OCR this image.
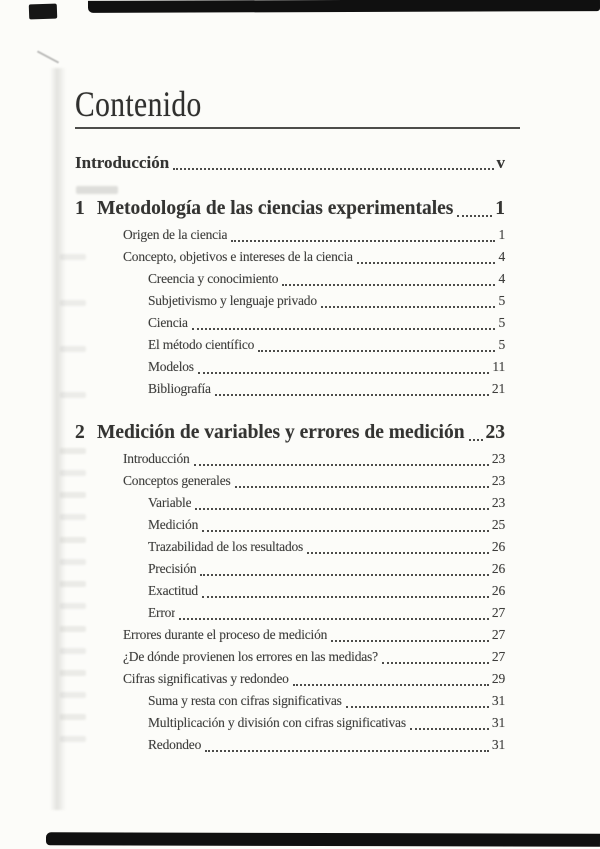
Contenido
Introducción	v
1 Metodología de las ciencias experimentales 1
Origen de la ciencia	1
Concepto, objetivos e intereses de la ciencia	4
Creencia y conocimiento	4
Subjetivismo y lenguaje privado	5
Ciencia	5
El método científico	5
Modelos	11
Bibliografía	21
2 Medición de variables y errores de medición 23
Introducción	23
Conceptos generales	23
Variable	23
Medición	25
Trazabilidad de los resultados	26
Precisión	26
Exactitud	26
Error	27
Errores durante el proceso de medición	27
¿De dónde provienen los errores en las medidas?	27
Cifras significativas y redondeo	29
Suma y resta con cifras significativas	31
Multiplicación y división con cifras significativas	31
Redondeo	31
